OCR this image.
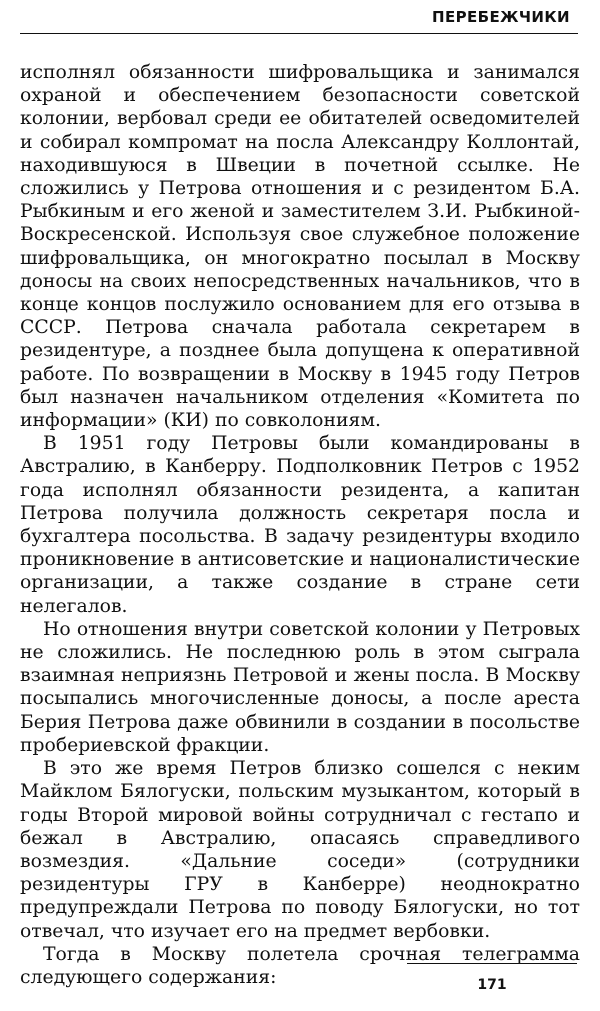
ПЕРЕБЕЖЧИКИ

исполнял обязанности шифровальщика и занимался охраной и обеспечением безопасности советской колонии, вербовал среди ее обитателей осведомителей и собирал компромат на посла Александру Коллонтай, находившуюся в Швеции в почетной ссылке. Не сложились у Петрова отношения и с резидентом Б.А. Рыбкиным и его женой и заместителем З.И. Рыбкиной-Воскресенской. Используя свое служебное положение шифровальщика, он многократно посылал в Москву доносы на своих непосредственных начальников, что в конце концов послужило основанием для его отзыва в СССР. Петрова сначала работала секретарем в резидентуре, а позднее была допущена к оперативной работе. По возвращении в Москву в 1945 году Петров был назначен начальником отделения «Комитета по информации» (КИ) по совколониям.

В 1951 году Петровы были командированы в Австралию, в Канберру. Подполковник Петров с 1952 года исполнял обязанности резидента, а капитан Петрова получила должность секретаря посла и бухгалтера посольства. В задачу резидентуры входило проникновение в антисоветские и националистические организации, а также создание в стране сети нелегалов.

Но отношения внутри советской колонии у Петровых не сложились. Не последнюю роль в этом сыграла взаимная неприязнь Петровой и жены посла. В Москву посыпались многочисленные доносы, а после ареста Берия Петрова даже обвинили в создании в посольстве пробериевской фракции.

В это же время Петров близко сошелся с неким Майклом Бялогуски, польским музыкантом, который в годы Второй мировой войны сотрудничал с гестапо и бежал в Австралию, опасаясь справедливого возмездия. «Дальние соседи» (сотрудники резидентуры ГРУ в Канберре) неоднократно предупреждали Петрова по поводу Бялогуски, но тот отвечал, что изучает его на предмет вербовки.

Тогда в Москву полетела срочная телеграмма следующего содержания:	171
